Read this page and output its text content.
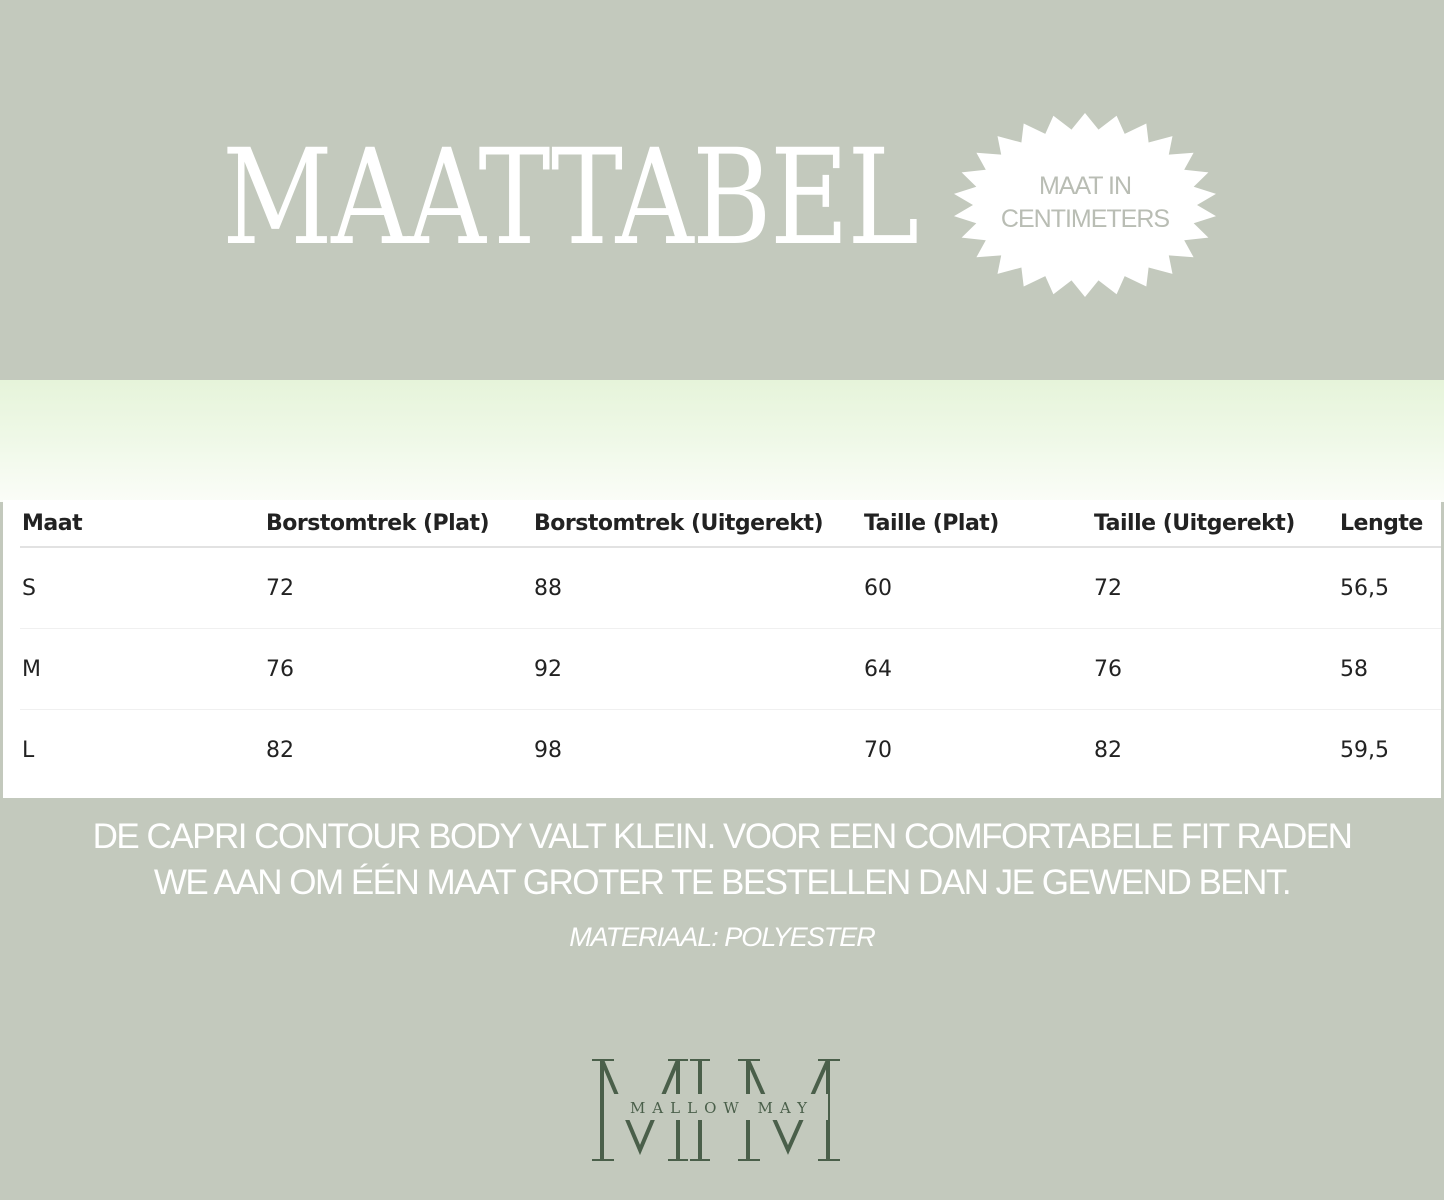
MAATTABEL	MAAT IN
CENTIMETERS
Maat	Borstomtrek (Plat)	Borstomtrek (Uitgerekt)	Taille (Plat)	Taille (Uitgerekt)	Lengte
S	72	88	60	72	56,5
M	76	92	64	76	58
L	82	98	70	82	59,5
DE CAPRI CONTOUR BODY VALT KLEIN. VOOR EEN COMFORTABELE FIT RADEN
WE AAN OM ÉÉN MAAT GROTER TE BESTELLEN DAN JE GEWEND BENT.
MATERIAAL: POLYESTER
MALLOW MAY
